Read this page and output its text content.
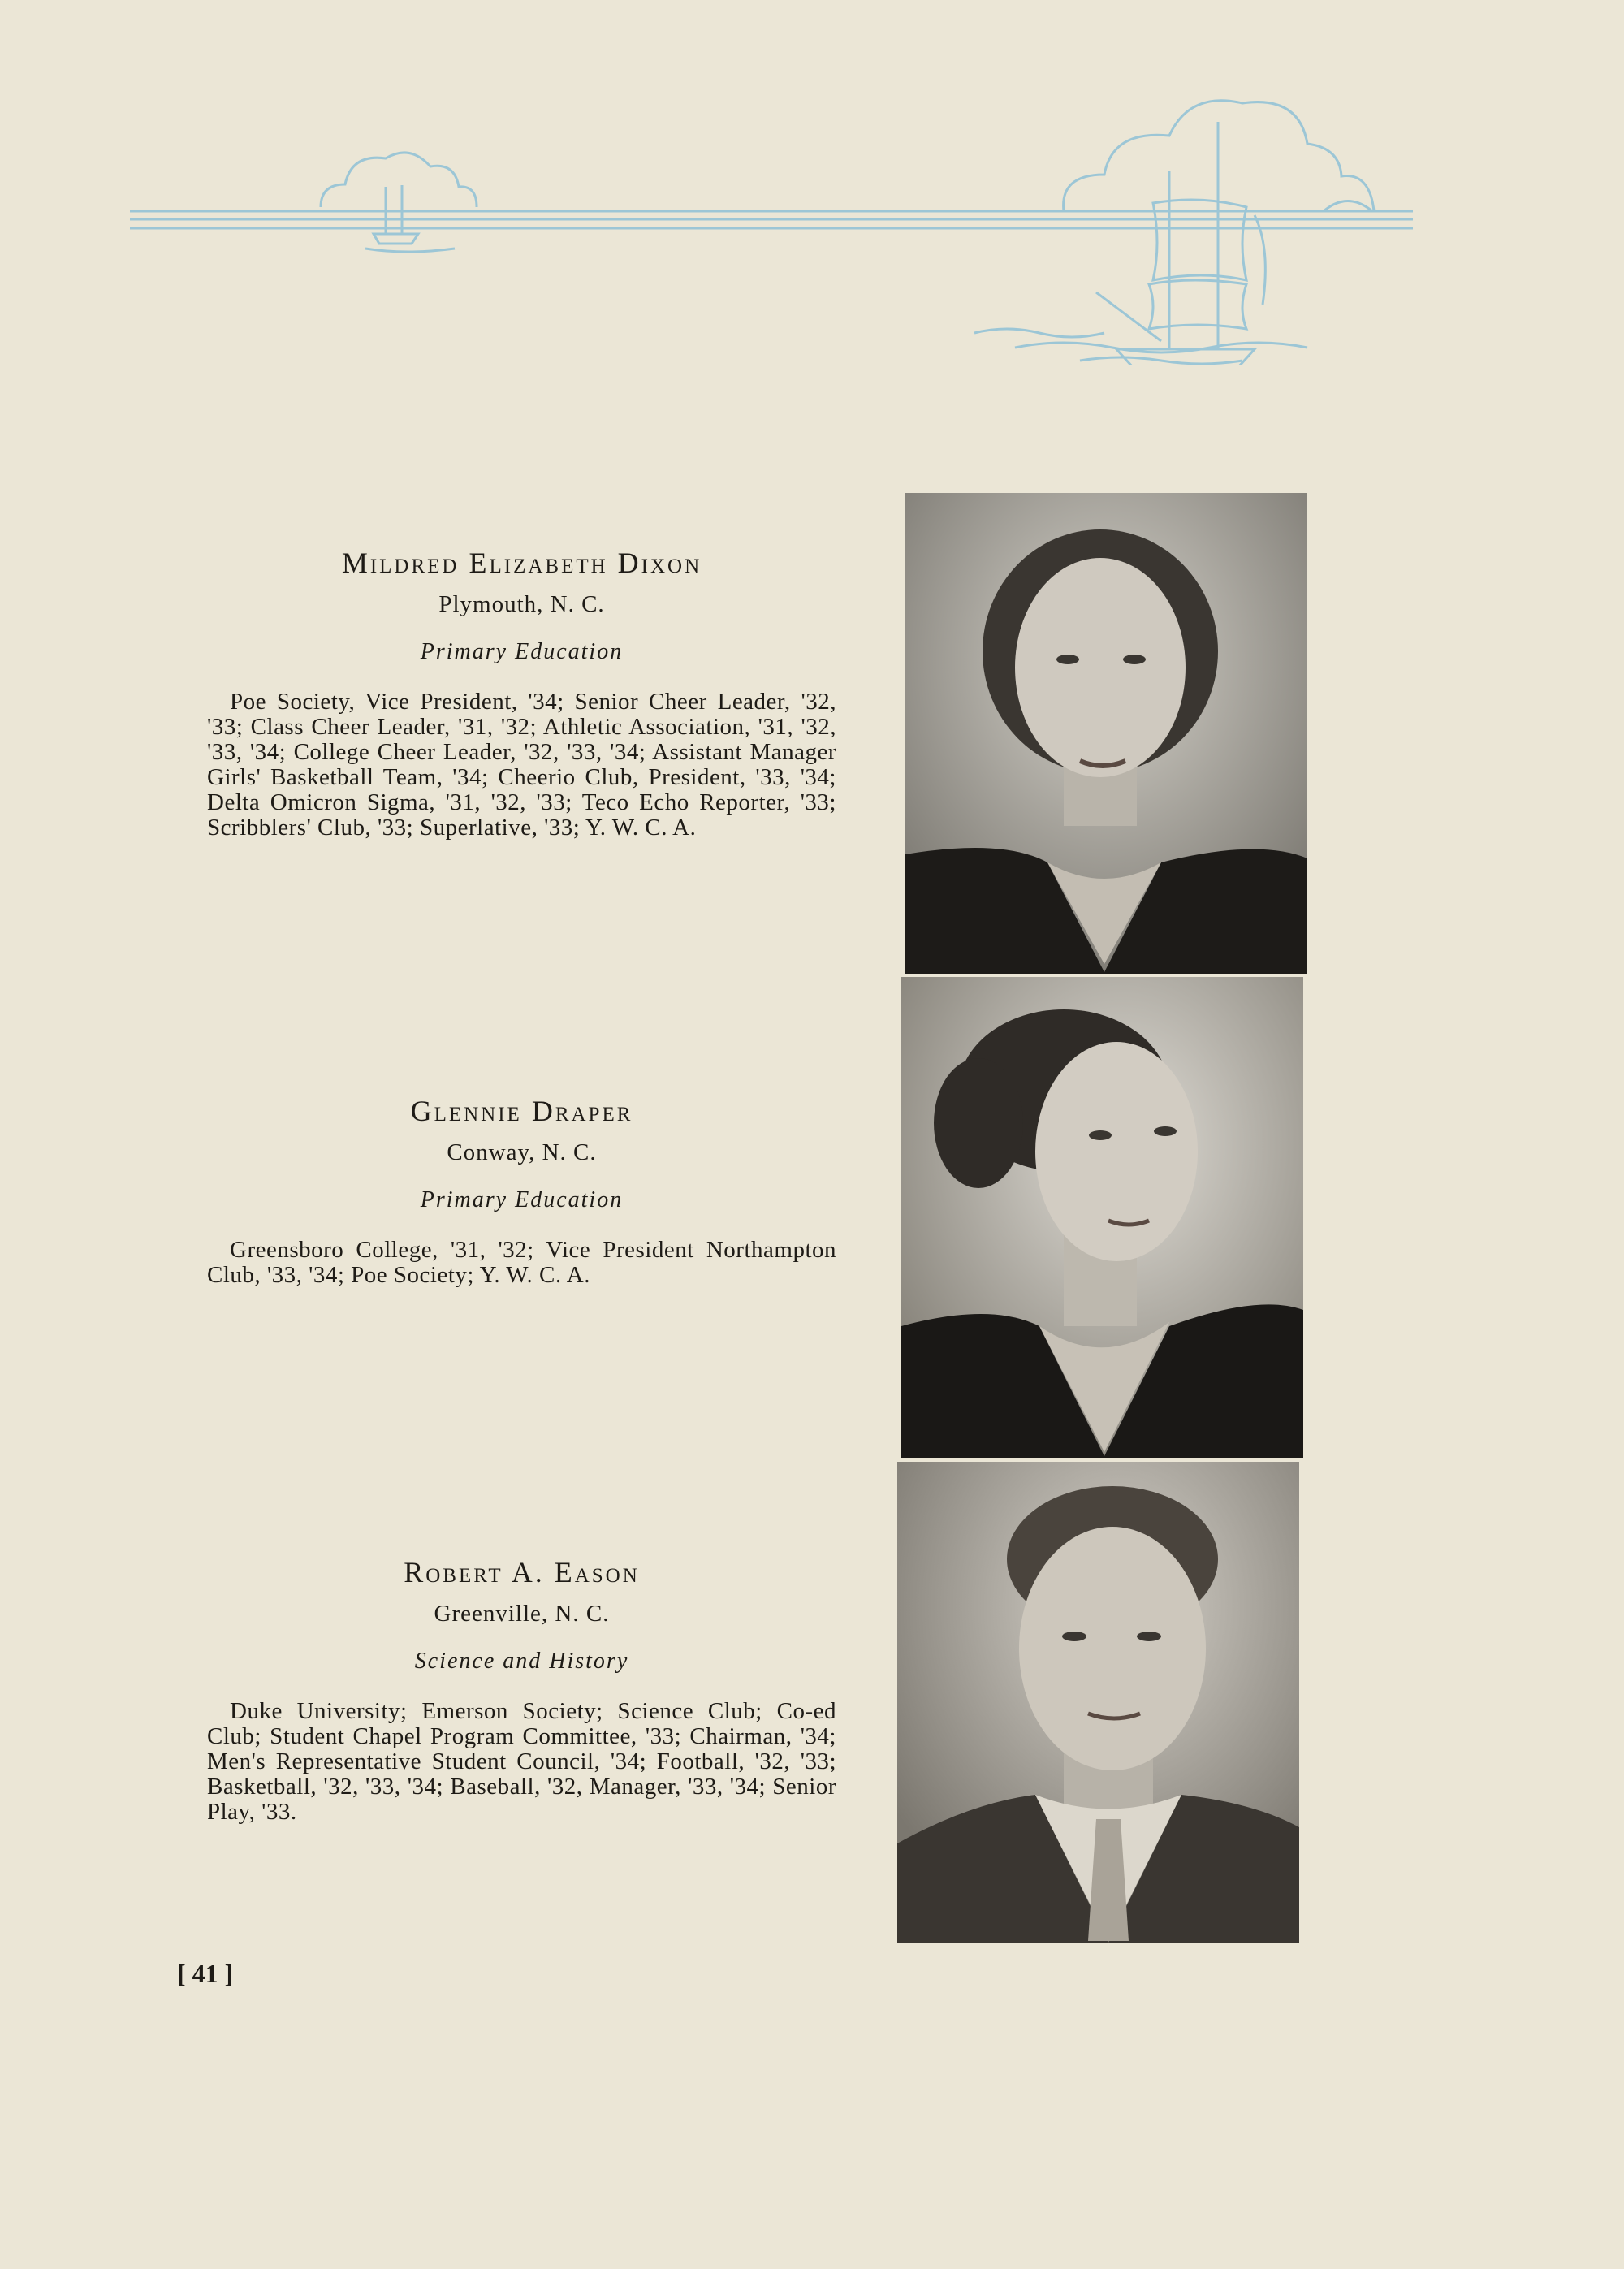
Mildred Elizabeth Dixon
Plymouth, N. C.
Primary Education
Poe Society, Vice President, '34; Senior Cheer Leader, '32, '33; Class Cheer Leader, '31, '32; Athletic Association, '31, '32, '33, '34; College Cheer Leader, '32, '33, '34; Assistant Manager Girls' Basketball Team, '34; Cheerio Club, President, '33, '34; Delta Omicron Sigma, '31, '32, '33; Teco Echo Reporter, '33; Scribblers' Club, '33; Superlative, '33; Y. W. C. A.
Glennie Draper
Conway, N. C.
Primary Education
Greensboro College, '31, '32; Vice President Northampton Club, '33, '34; Poe Society; Y. W. C. A.
Robert A. Eason
Greenville, N. C.
Science and History
Duke University; Emerson Society; Science Club; Co-ed Club; Student Chapel Program Committee, '33; Chairman, '34; Men's Representative Student Council, '34; Football, '32, '33; Basketball, '32, '33, '34; Baseball, '32, Manager, '33, '34; Senior Play, '33.
[ 41 ]
